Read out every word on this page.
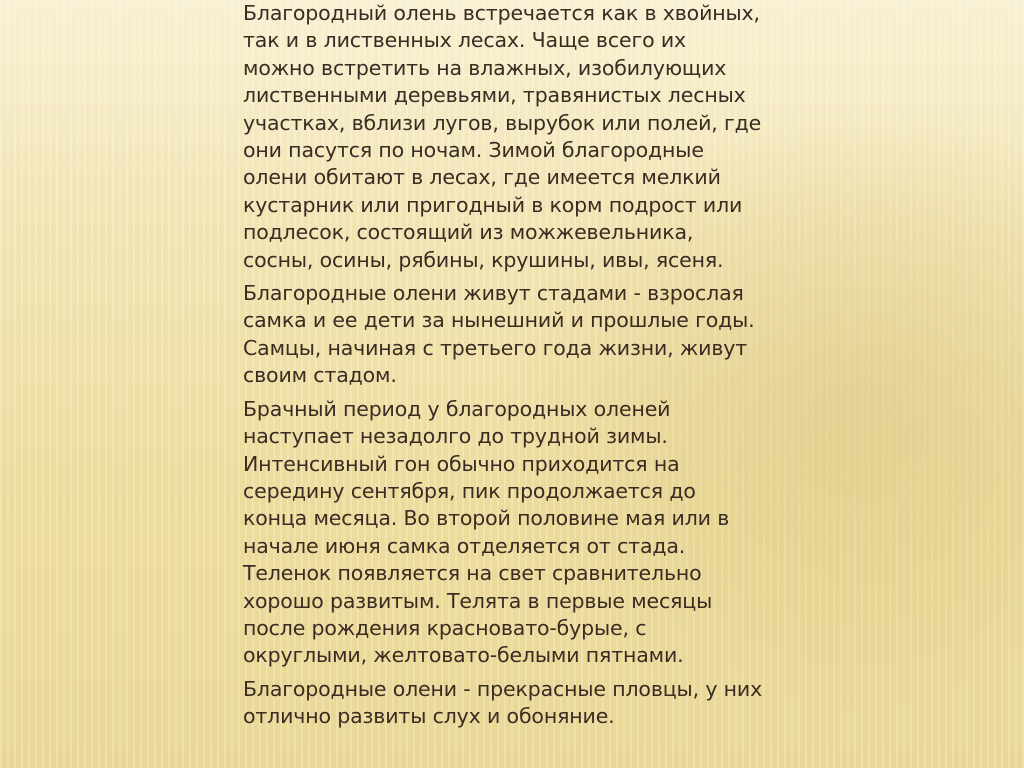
Благородный олень встречается как в хвойных, так и в лиственных лесах. Чаще всего их можно встретить на влажных, изобилующих лиственными деревьями, травянистых лесных участках, вблизи лугов, вырубок или полей, где они пасутся по ночам. Зимой благородные олени обитают в лесах, где имеется мелкий кустарник или пригодный в корм подрост или подлесок, состоящий из можжевельника, сосны, осины, рябины, крушины, ивы, ясеня.

Благородные олени живут стадами - взрослая самка и ее дети за нынешний и прошлые годы. Самцы, начиная с третьего года жизни, живут своим стадом.

Брачный период у благородных оленей наступает незадолго до трудной зимы. Интенсивный гон обычно приходится на середину сентября, пик продолжается до конца месяца. Во второй половине мая или в начале июня самка отделяется от стада. Теленок появляется на свет сравнительно хорошо развитым. Телята в первые месяцы после рождения красновато-бурые, с округлыми, желтовато-белыми пятнами.

Благородные олени - прекрасные пловцы, у них отлично развиты слух и обоняние.
